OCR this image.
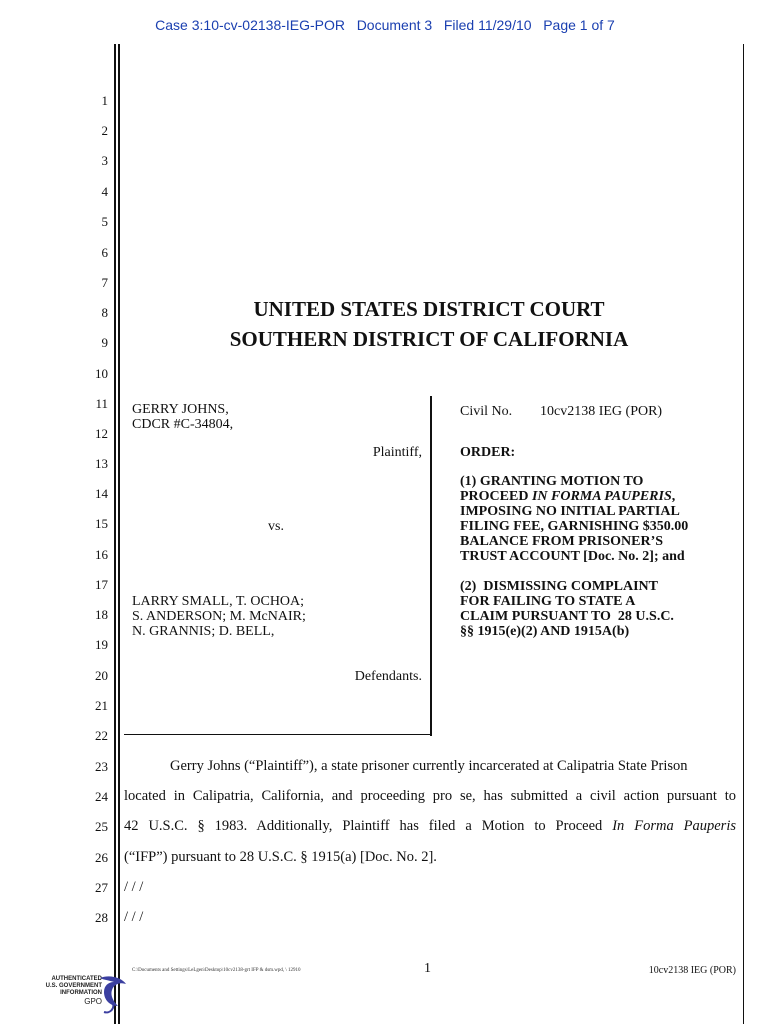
Case 3:10-cv-02138-IEG-POR Document 3 Filed 11/29/10 Page 1 of 7
1
2
3
4
5
6
7
8
9
10
11
12
13
14
15
16
17
18
19
20
21
22
23
24
25
26
27
28
UNITED STATES DISTRICT COURT
SOUTHERN DISTRICT OF CALIFORNIA
GERRY JOHNS,
CDCR #C-34804,
Plaintiff,
vs.
LARRY SMALL, T. OCHOA;
S. ANDERSON; M. McNAIR;
N. GRANNIS; D. BELL,
Defendants.
Civil No. 10cv2138 IEG (POR)
ORDER:
(1) GRANTING MOTION TO
PROCEED IN FORMA PAUPERIS,
IMPOSING NO INITIAL PARTIAL
FILING FEE, GARNISHING $350.00
BALANCE FROM PRISONER’S
TRUST ACCOUNT [Doc. No. 2]; and
(2)  DISMISSING COMPLAINT
FOR FAILING TO STATE A
CLAIM PURSUANT TO  28 U.S.C.
§§ 1915(e)(2) AND 1915A(b)
Gerry Johns (“Plaintiff”), a state prisoner currently incarcerated at Calipatria State Prison
located in Calipatria, California, and proceeding pro se, has submitted a civil action pursuant to
42 U.S.C. § 1983. Additionally, Plaintiff has filed a Motion to Proceed In Forma Pauperis
(“IFP”) pursuant to 28 U.S.C. § 1915(a) [Doc. No. 2].
/ / /
/ / /
C:\Documents and Settings\LeLgen\Desktop\10cv2138-grt IFP & dsm.wpd, \ 12910	1	10cv2138 IEG (POR)
AUTHENTICATED
U.S. GOVERNMENT
INFORMATION
GPO
